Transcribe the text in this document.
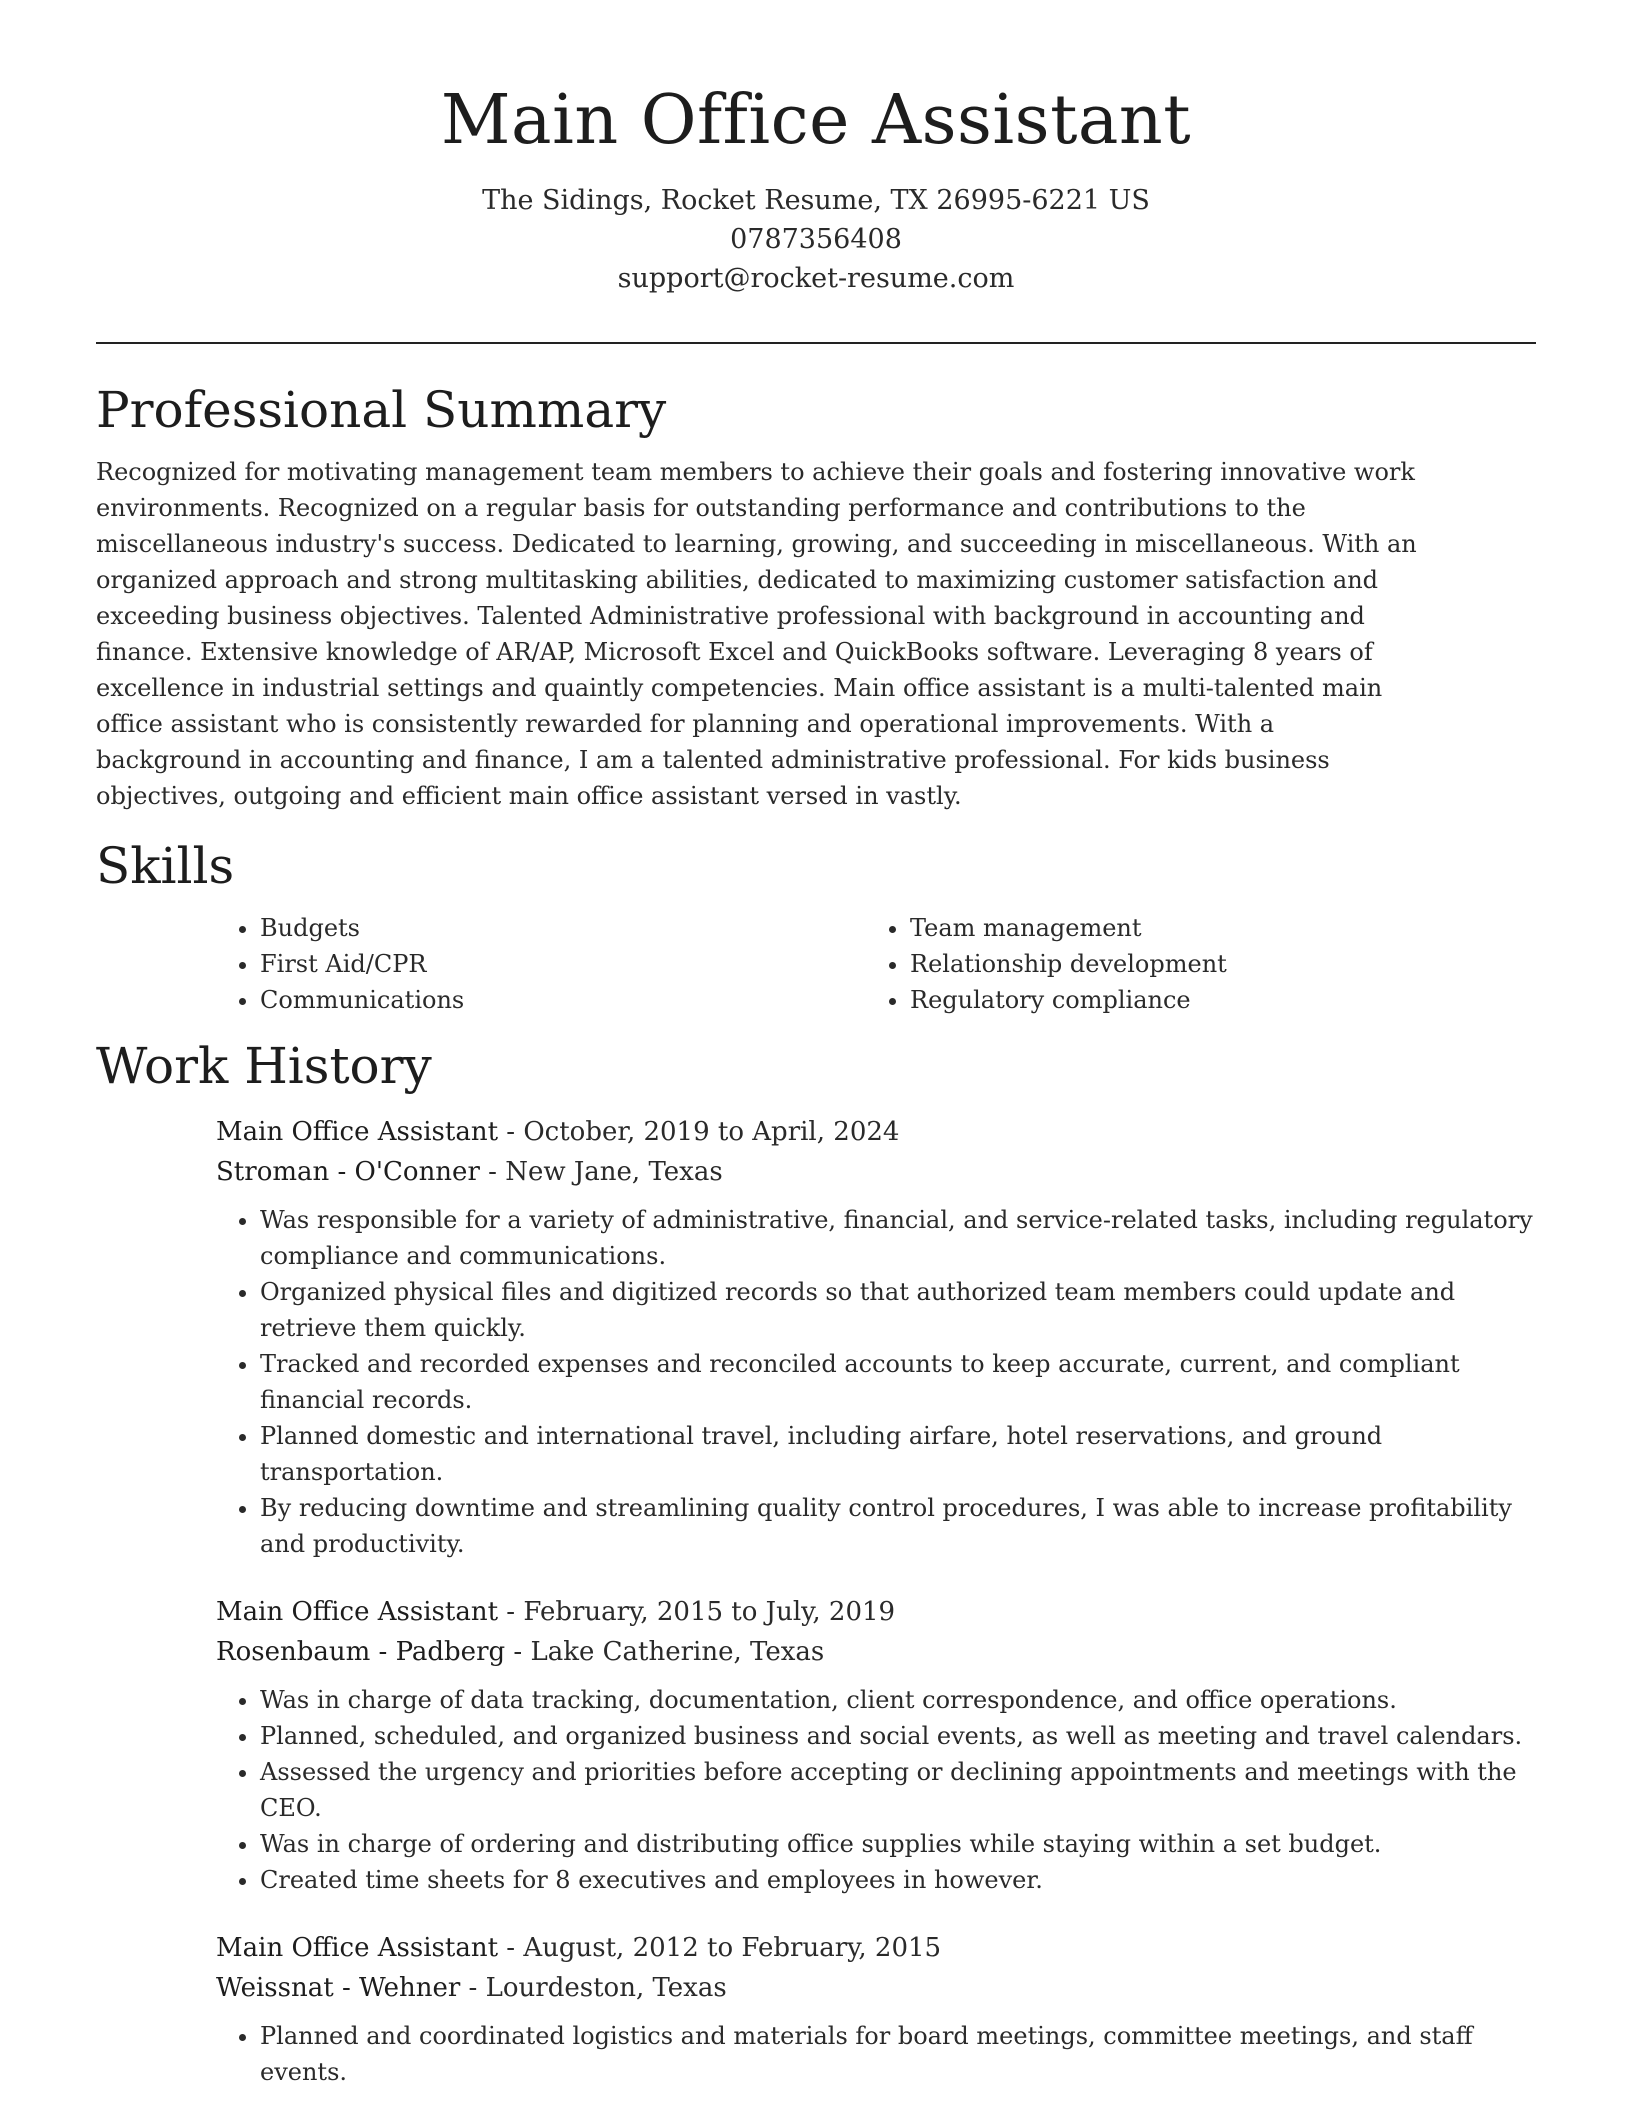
Main Office Assistant
The Sidings, Rocket Resume, TX 26995-6221 US
0787356408
support@rocket-resume.com
Professional Summary

Recognized for motivating management team members to achieve their goals and fostering innovative work environments. Recognized on a regular basis for outstanding performance and contributions to the miscellaneous industry's success. Dedicated to learning, growing, and succeeding in miscellaneous. With an organized approach and strong multitasking abilities, dedicated to maximizing customer satisfaction and exceeding business objectives. Talented Administrative professional with background in accounting and finance. Extensive knowledge of AR/AP, Microsoft Excel and QuickBooks software. Leveraging 8 years of excellence in industrial settings and quaintly competencies. Main office assistant is a multi-talented main office assistant who is consistently rewarded for planning and operational improvements. With a background in accounting and finance, I am a talented administrative professional. For kids business objectives, outgoing and efficient main office assistant versed in vastly.

Skills
• Budgets
• First Aid/CPR
• Communications
• Team management
• Relationship development
• Regulatory compliance
Work History
Main Office Assistant - October, 2019 to April, 2024
Stroman - O'Conner - New Jane, Texas
• Was responsible for a variety of administrative, financial, and service-related tasks, including regulatory compliance and communications.
• Organized physical files and digitized records so that authorized team members could update and retrieve them quickly.
• Tracked and recorded expenses and reconciled accounts to keep accurate, current, and compliant financial records.
• Planned domestic and international travel, including airfare, hotel reservations, and ground transportation.
• By reducing downtime and streamlining quality control procedures, I was able to increase profitability and productivity.
Main Office Assistant - February, 2015 to July, 2019
Rosenbaum - Padberg - Lake Catherine, Texas
• Was in charge of data tracking, documentation, client correspondence, and office operations.
• Planned, scheduled, and organized business and social events, as well as meeting and travel calendars.
• Assessed the urgency and priorities before accepting or declining appointments and meetings with the CEO.
• Was in charge of ordering and distributing office supplies while staying within a set budget.
• Created time sheets for 8 executives and employees in however.
Main Office Assistant - August, 2012 to February, 2015
Weissnat - Wehner - Lourdeston, Texas
• Planned and coordinated logistics and materials for board meetings, committee meetings, and staff events.
